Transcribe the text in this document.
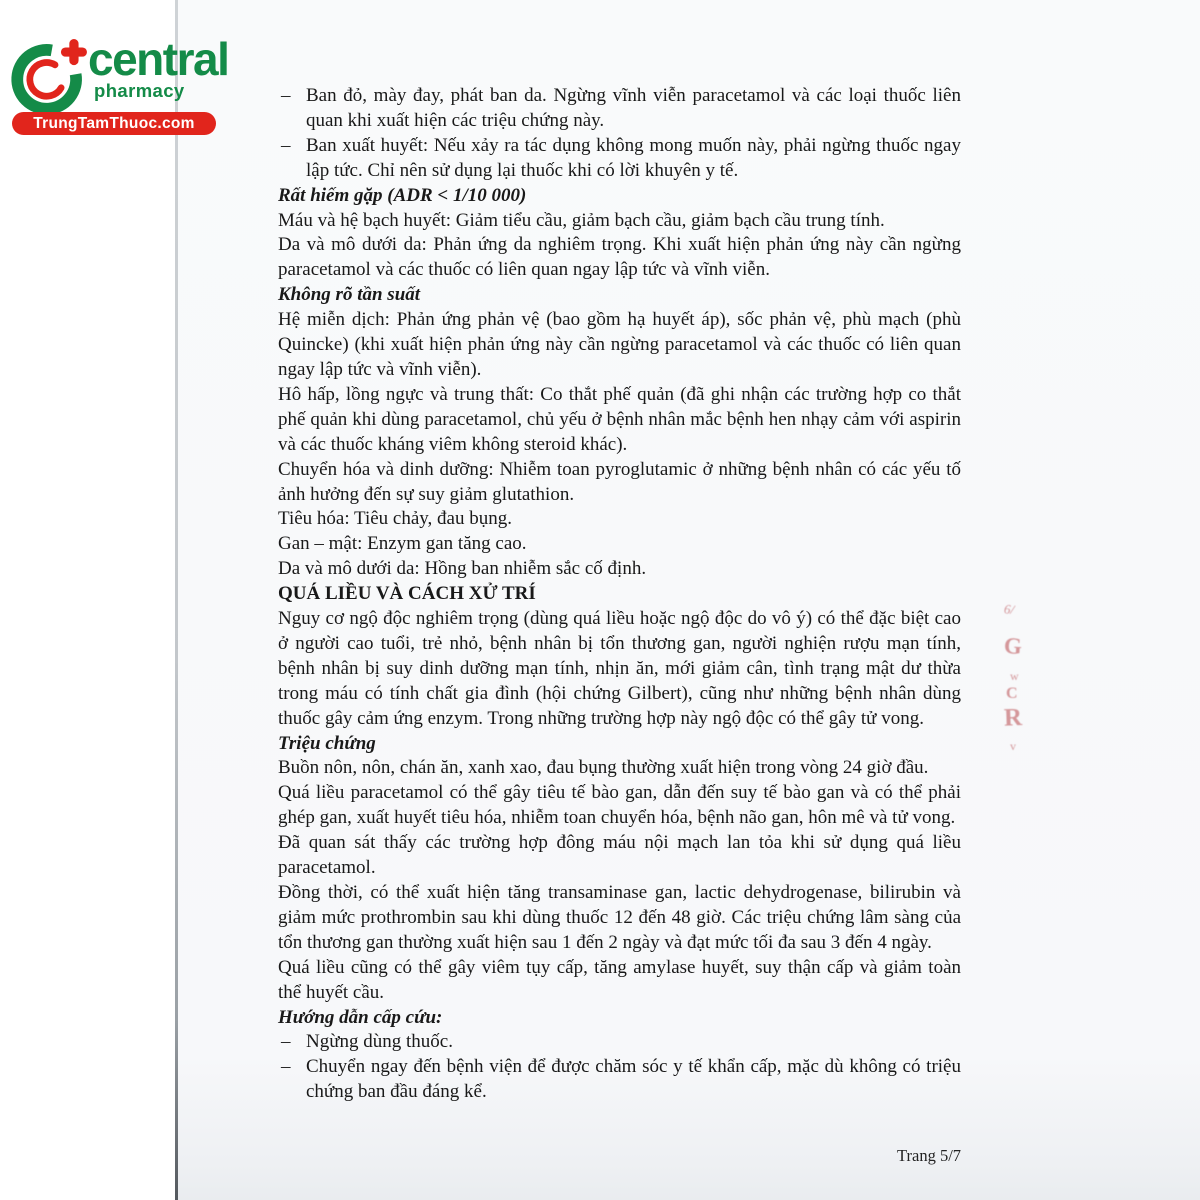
central
pharmacy
TrungTamThuoc.com
– Ban đỏ, mày đay, phát ban da. Ngừng vĩnh viễn paracetamol và các loại thuốc liên quan khi xuất hiện các triệu chứng này.
– Ban xuất huyết: Nếu xảy ra tác dụng không mong muốn này, phải ngừng thuốc ngay lập tức. Chỉ nên sử dụng lại thuốc khi có lời khuyên y tế.
Rất hiếm gặp (ADR < 1/10 000)
Máu và hệ bạch huyết: Giảm tiểu cầu, giảm bạch cầu, giảm bạch cầu trung tính.
Da và mô dưới da: Phản ứng da nghiêm trọng. Khi xuất hiện phản ứng này cần ngừng paracetamol và các thuốc có liên quan ngay lập tức và vĩnh viễn.
Không rõ tần suất
Hệ miễn dịch: Phản ứng phản vệ (bao gồm hạ huyết áp), sốc phản vệ, phù mạch (phù Quincke) (khi xuất hiện phản ứng này cần ngừng paracetamol và các thuốc có liên quan ngay lập tức và vĩnh viễn).
Hô hấp, lồng ngực và trung thất: Co thắt phế quản (đã ghi nhận các trường hợp co thắt phế quản khi dùng paracetamol, chủ yếu ở bệnh nhân mắc bệnh hen nhạy cảm với aspirin và các thuốc kháng viêm không steroid khác).
Chuyển hóa và dinh dưỡng: Nhiễm toan pyroglutamic ở những bệnh nhân có các yếu tố ảnh hưởng đến sự suy giảm glutathion.
Tiêu hóa: Tiêu chảy, đau bụng.
Gan – mật: Enzym gan tăng cao.
Da và mô dưới da: Hồng ban nhiễm sắc cố định.
QUÁ LIỀU VÀ CÁCH XỬ TRÍ
Nguy cơ ngộ độc nghiêm trọng (dùng quá liều hoặc ngộ độc do vô ý) có thể đặc biệt cao ở người cao tuổi, trẻ nhỏ, bệnh nhân bị tổn thương gan, người nghiện rượu mạn tính, bệnh nhân bị suy dinh dưỡng mạn tính, nhịn ăn, mới giảm cân, tình trạng mật dư thừa trong máu có tính chất gia đình (hội chứng Gilbert), cũng như những bệnh nhân dùng thuốc gây cảm ứng enzym. Trong những trường hợp này ngộ độc có thể gây tử vong.
Triệu chứng
Buồn nôn, nôn, chán ăn, xanh xao, đau bụng thường xuất hiện trong vòng 24 giờ đầu.
Quá liều paracetamol có thể gây tiêu tế bào gan, dẫn đến suy tế bào gan và có thể phải ghép gan, xuất huyết tiêu hóa, nhiễm toan chuyển hóa, bệnh não gan, hôn mê và tử vong.
Đã quan sát thấy các trường hợp đông máu nội mạch lan tỏa khi sử dụng quá liều paracetamol.
Đồng thời, có thể xuất hiện tăng transaminase gan, lactic dehydrogenase, bilirubin và giảm mức prothrombin sau khi dùng thuốc 12 đến 48 giờ. Các triệu chứng lâm sàng của tổn thương gan thường xuất hiện sau 1 đến 2 ngày và đạt mức tối đa sau 3 đến 4 ngày.
Quá liều cũng có thể gây viêm tụy cấp, tăng amylase huyết, suy thận cấp và giảm toàn thể huyết cầu.
Hướng dẫn cấp cứu:
– Ngừng dùng thuốc.
– Chuyển ngay đến bệnh viện để được chăm sóc y tế khẩn cấp, mặc dù không có triệu chứng ban đầu đáng kể.
6/
G
w
C
R
v
Trang 5/7
